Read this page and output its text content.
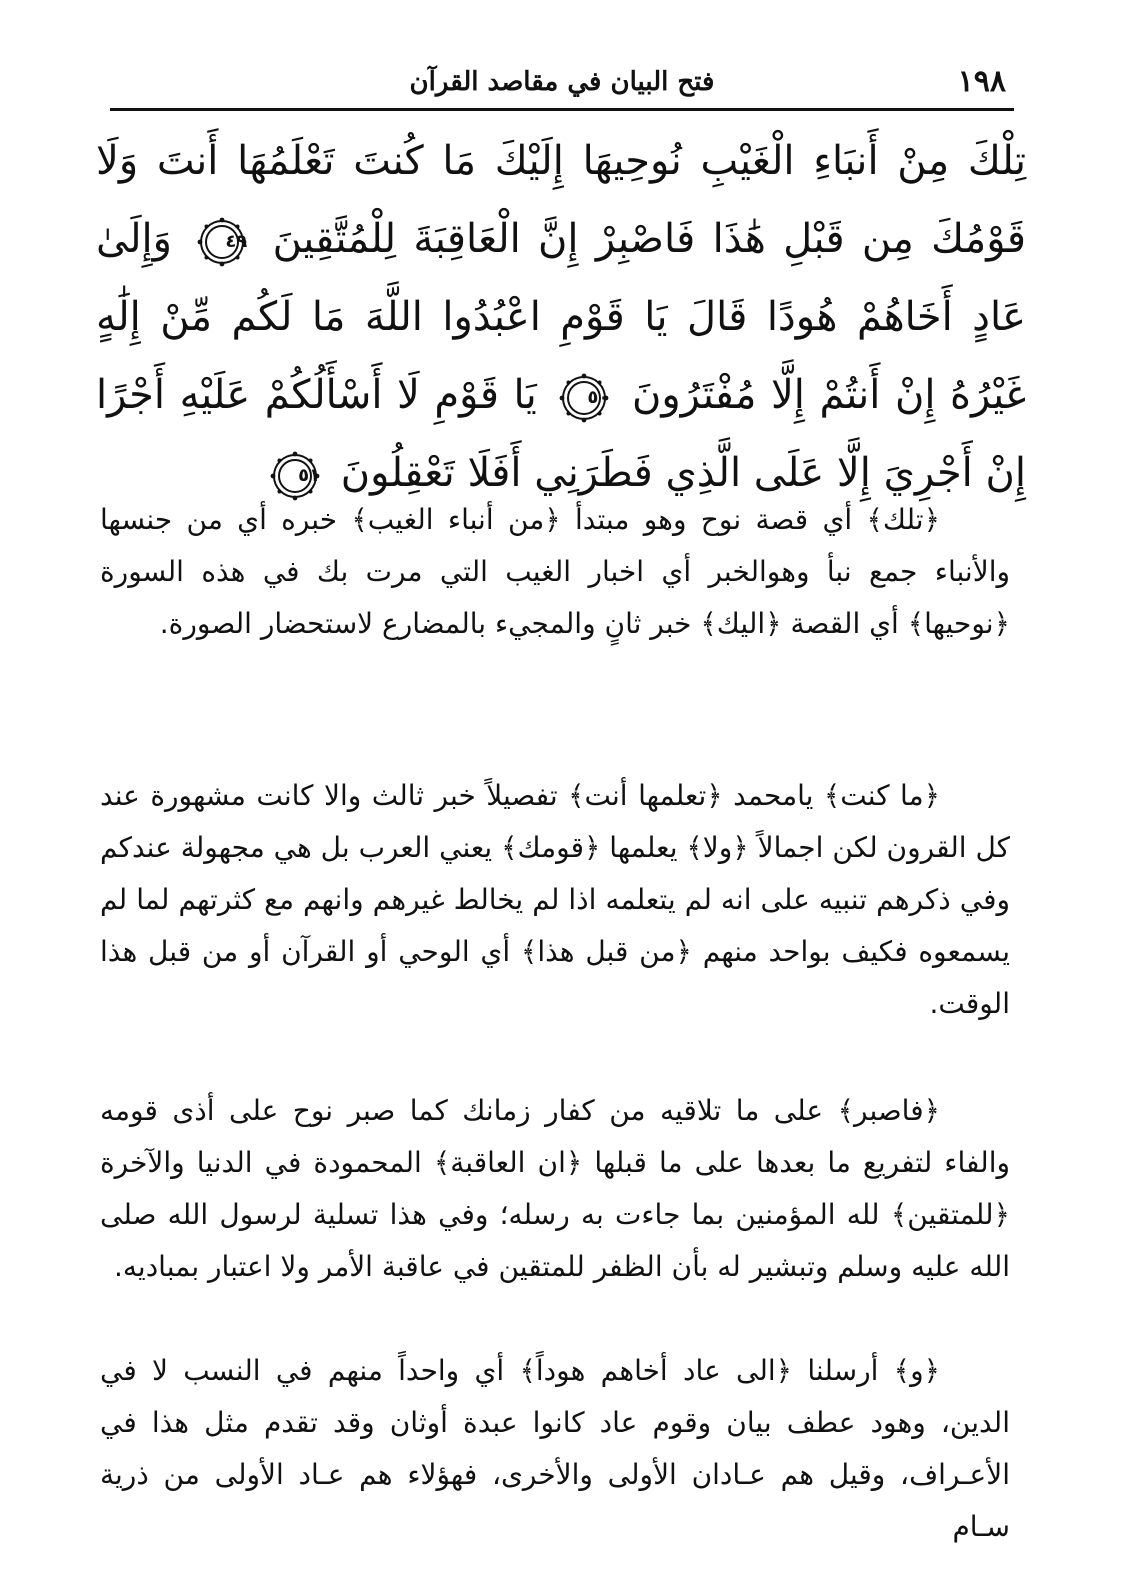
١٩٨
فتح البيان في مقاصد القرآن
تِلْكَ مِنْ أَنبَاءِ الْغَيْبِ نُوحِيهَا إِلَيْكَ مَا كُنتَ تَعْلَمُهَا أَنتَ وَلَا قَوْمُكَ مِن قَبْلِ هَٰذَا فَاصْبِرْ إِنَّ الْعَاقِبَةَ لِلْمُتَّقِينَ
٤٩
وَإِلَىٰ عَادٍ أَخَاهُمْ هُودًا قَالَ يَا قَوْمِ اعْبُدُوا اللَّهَ مَا لَكُم مِّنْ إِلَٰهٍ غَيْرُهُ إِنْ أَنتُمْ إِلَّا مُفْتَرُونَ
٥٠
يَا قَوْمِ لَا أَسْأَلُكُمْ عَلَيْهِ أَجْرًا إِنْ أَجْرِيَ إِلَّا عَلَى الَّذِي فَطَرَنِي أَفَلَا تَعْقِلُونَ
٥١

﴿تلك﴾ أي قصة نوح وهو مبتدأ ﴿من أنباء الغيب﴾ خبره أي من جنسها والأنباء جمع نبأ وهوالخبر أي اخبار الغيب التي مرت بك في هذه السورة ﴿نوحيها﴾ أي القصة ﴿اليك﴾ خبر ثانٍ والمجيء بالمضارع لاستحضار الصورة.

﴿ما كنت﴾ يامحمد ﴿تعلمها أنت﴾ تفصيلاً خبر ثالث والا كانت مشهورة عند كل القرون لكن اجمالاً ﴿ولا﴾ يعلمها ﴿قومك﴾ يعني العرب بل هي مجهولة عندكم وفي ذكرهم تنبيه على انه لم يتعلمه اذا لم يخالط غيرهم وانهم مع كثرتهم لما لم يسمعوه فكيف بواحد منهم ﴿من قبل هذا﴾ أي الوحي أو القرآن أو من قبل هذا الوقت.

﴿فاصبر﴾ على ما تلاقيه من كفار زمانك كما صبر نوح على أذى قومه والفاء لتفريع ما بعدها على ما قبلها ﴿ان العاقبة﴾ المحمودة في الدنيا والآخرة ﴿للمتقين﴾ لله المؤمنين بما جاءت به رسله؛ وفي هذا تسلية لرسول الله صلى الله عليه وسلم وتبشير له بأن الظفر للمتقين في عاقبة الأمر ولا اعتبار بمباديه.

﴿و﴾ أرسلنا ﴿الى عاد أخاهم هوداً﴾ أي واحداً منهم في النسب لا في الدين، وهود عطف بيان وقوم عاد كانوا عبدة أوثان وقد تقدم مثل هذا في الأعـراف، وقيل هم عـادان الأولى والأخرى، فهؤلاء هم عـاد الأولى من ذرية سـام
